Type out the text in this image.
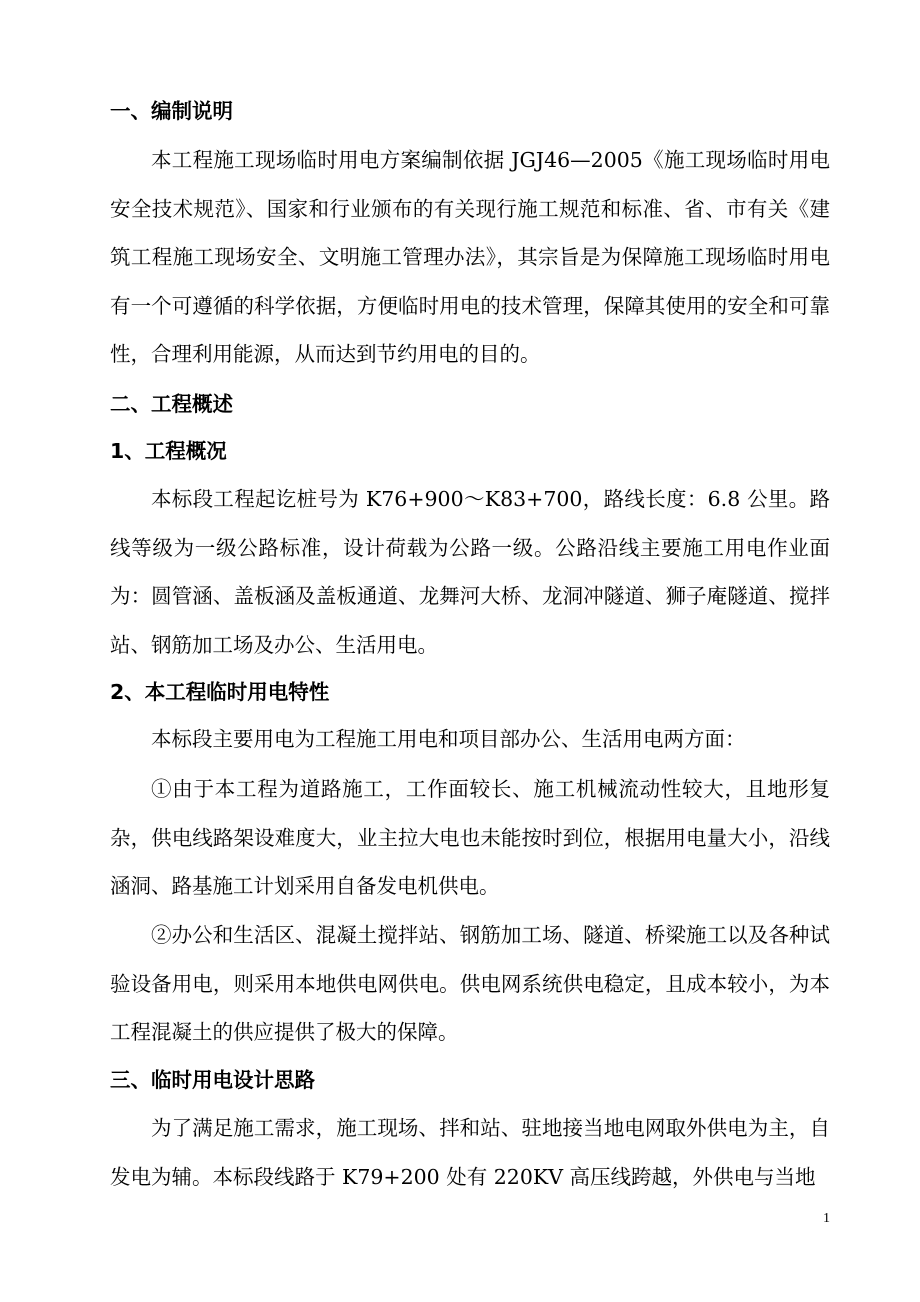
一、编制说明

本工程施工现场临时用电方案编制依据 JGJ46—2005《施工现场临时用电安全技术规范》、国家和行业颁布的有关现行施工规范和标准、省、市有关《建筑工程施工现场安全、文明施工管理办法》，其宗旨是为保障施工现场临时用电有一个可遵循的科学依据，方便临时用电的技术管理，保障其使用的安全和可靠性，合理利用能源，从而达到节约用电的目的。

二、工程概述
1、工程概况

本标段工程起讫桩号为 K76+900～K83+700，路线长度：6.8 公里。路线等级为一级公路标准，设计荷载为公路一级。公路沿线主要施工用电作业面为：圆管涵、盖板涵及盖板通道、龙舞河大桥、龙洞冲隧道、狮子庵隧道、搅拌站、钢筋加工场及办公、生活用电。

2、本工程临时用电特性

本标段主要用电为工程施工用电和项目部办公、生活用电两方面：

①由于本工程为道路施工，工作面较长、施工机械流动性较大，且地形复杂，供电线路架设难度大，业主拉大电也未能按时到位，根据用电量大小，沿线涵洞、路基施工计划采用自备发电机供电。

②办公和生活区、混凝土搅拌站、钢筋加工场、隧道、桥梁施工以及各种试验设备用电，则采用本地供电网供电。供电网系统供电稳定，且成本较小，为本工程混凝土的供应提供了极大的保障。

三、临时用电设计思路

为了满足施工需求，施工现场、拌和站、驻地接当地电网取外供电为主，自发电为辅。本标段线路于 K79+200 处有 220KV 高压线跨越，外供电与当地

1
